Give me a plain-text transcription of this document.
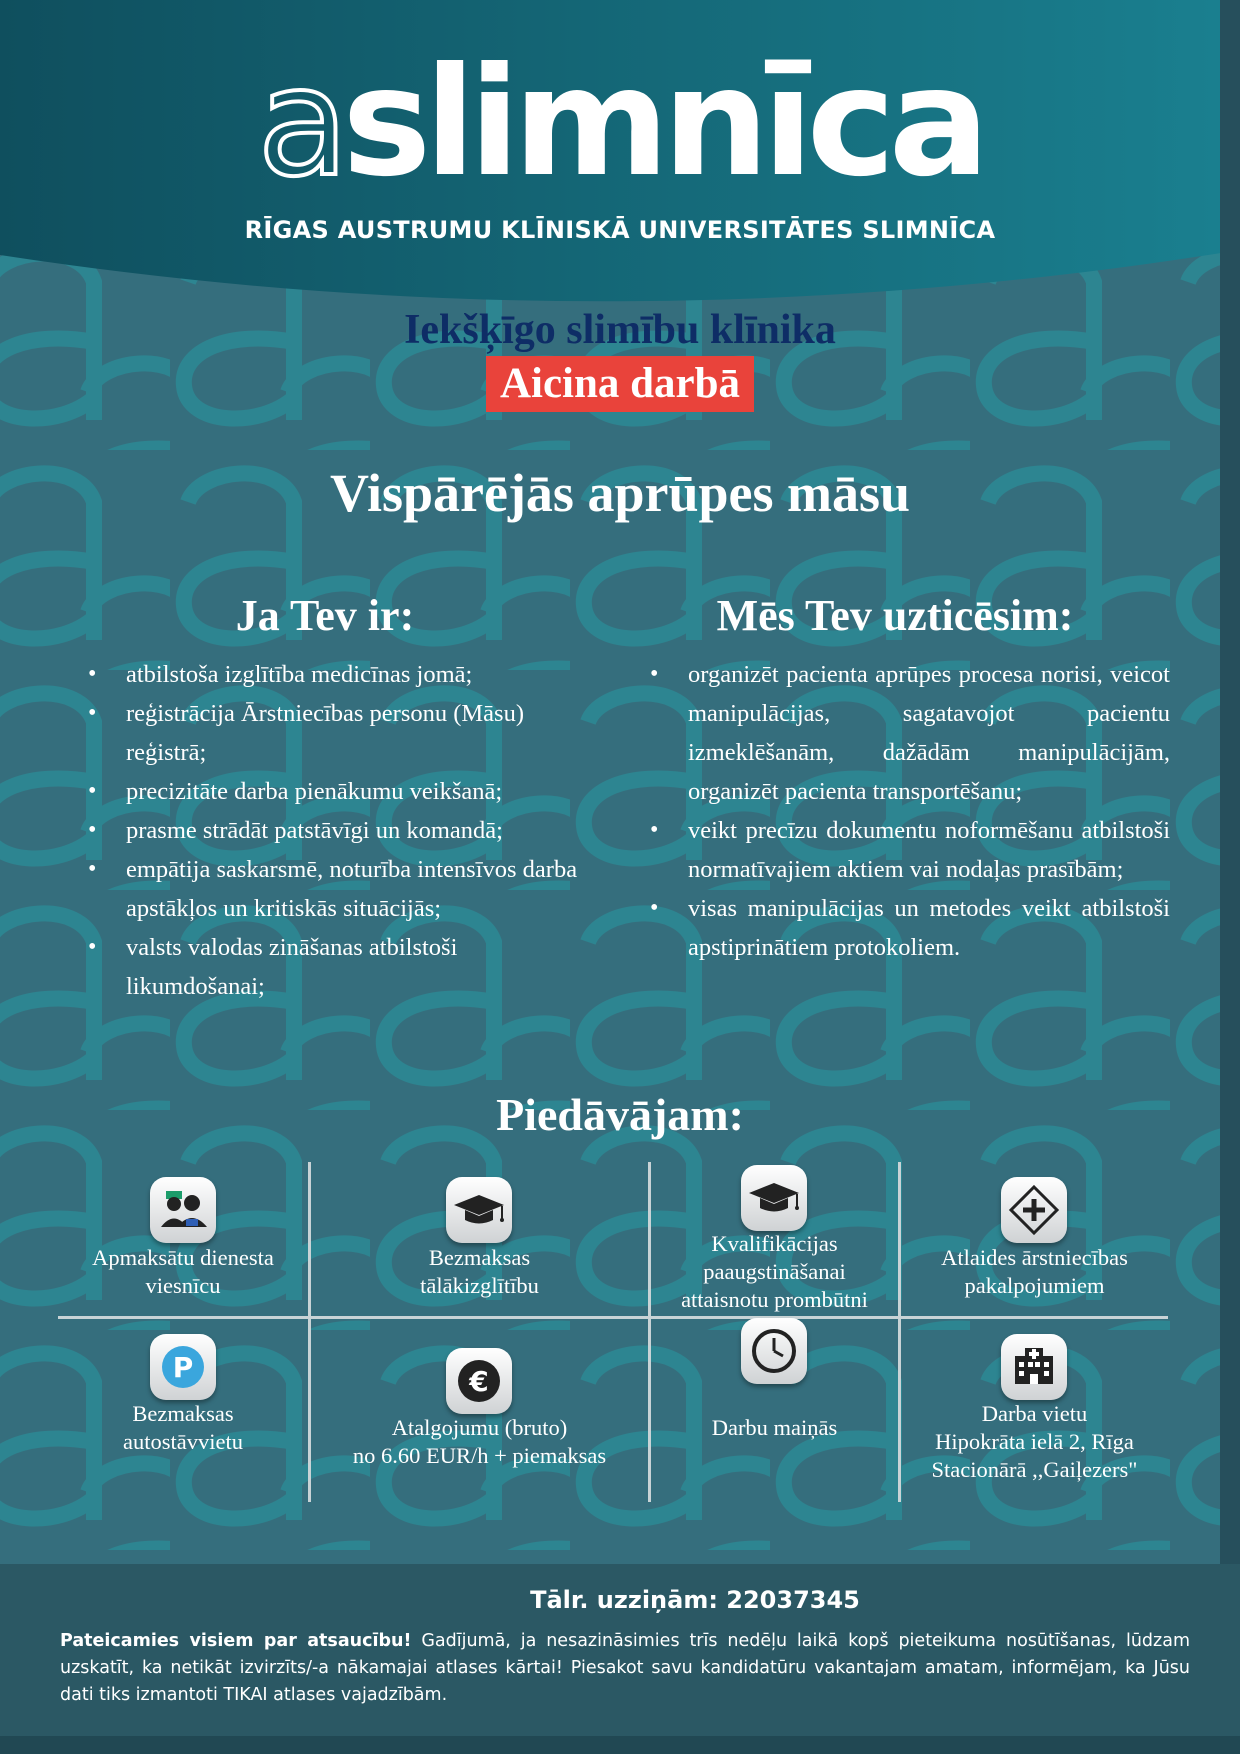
aslimnīca
RĪGAS AUSTRUMU KLĪNISKĀ UNIVERSITĀTES SLIMNĪCA
Iekšķīgo slimību klīnika
Aicina darbā
Vispārējās aprūpes māsu
Ja Tev ir:
• atbilstoša izglītība medicīnas jomā;
• reģistrācija Ārstniecības personu (Māsu) reģistrā;
• precizitāte darba pienākumu veikšanā;
• prasme strādāt patstāvīgi un komandā;
• empātija saskarsmē, noturība intensīvos darba apstākļos un kritiskās situācijās;
• valsts valodas zināšanas atbilstoši likumdošanai;
Mēs Tev uzticēsim:
• organizēt pacienta aprūpes procesa norisi, veicot manipulācijas, sagatavojot pacientu izmeklēšanām, dažādām manipulācijām, organizēt pacienta transportēšanu;
• veikt precīzu dokumentu noformēšanu atbilstoši normatīvajiem aktiem vai nodaļas prasībām;
• visas manipulācijas un metodes veikt atbilstoši apstiprinātiem protokoliem.
Piedāvājam:
Apmaksātu dienesta
viesnīcu
Bezmaksas
tālākizglītību
Kvalifikācijas
paaugstināšanai
attaisnotu prombūtni
Atlaides ārstniecības
pakalpojumiem
P
Bezmaksas
autostāvvietu
€
Atalgojumu (bruto)
no 6.60 EUR/h + piemaksas
Darbu maiņās
Darba vietu
Hipokrāta ielā 2, Rīga
Stacionārā ,,Gaiļezers"
Tālr. uzziņām: 22037345
Pateicamies visiem par atsaucību! Gadījumā, ja nesazināsimies trīs nedēļu laikā kopš pieteikuma nosūtīšanas, lūdzam uzskatīt, ka netikāt izvirzīts/-a nākamajai atlases kārtai! Piesakot savu kandidatūru vakantajam amatam, informējam, ka Jūsu dati tiks izmantoti TIKAI atlases vajadzībām.
